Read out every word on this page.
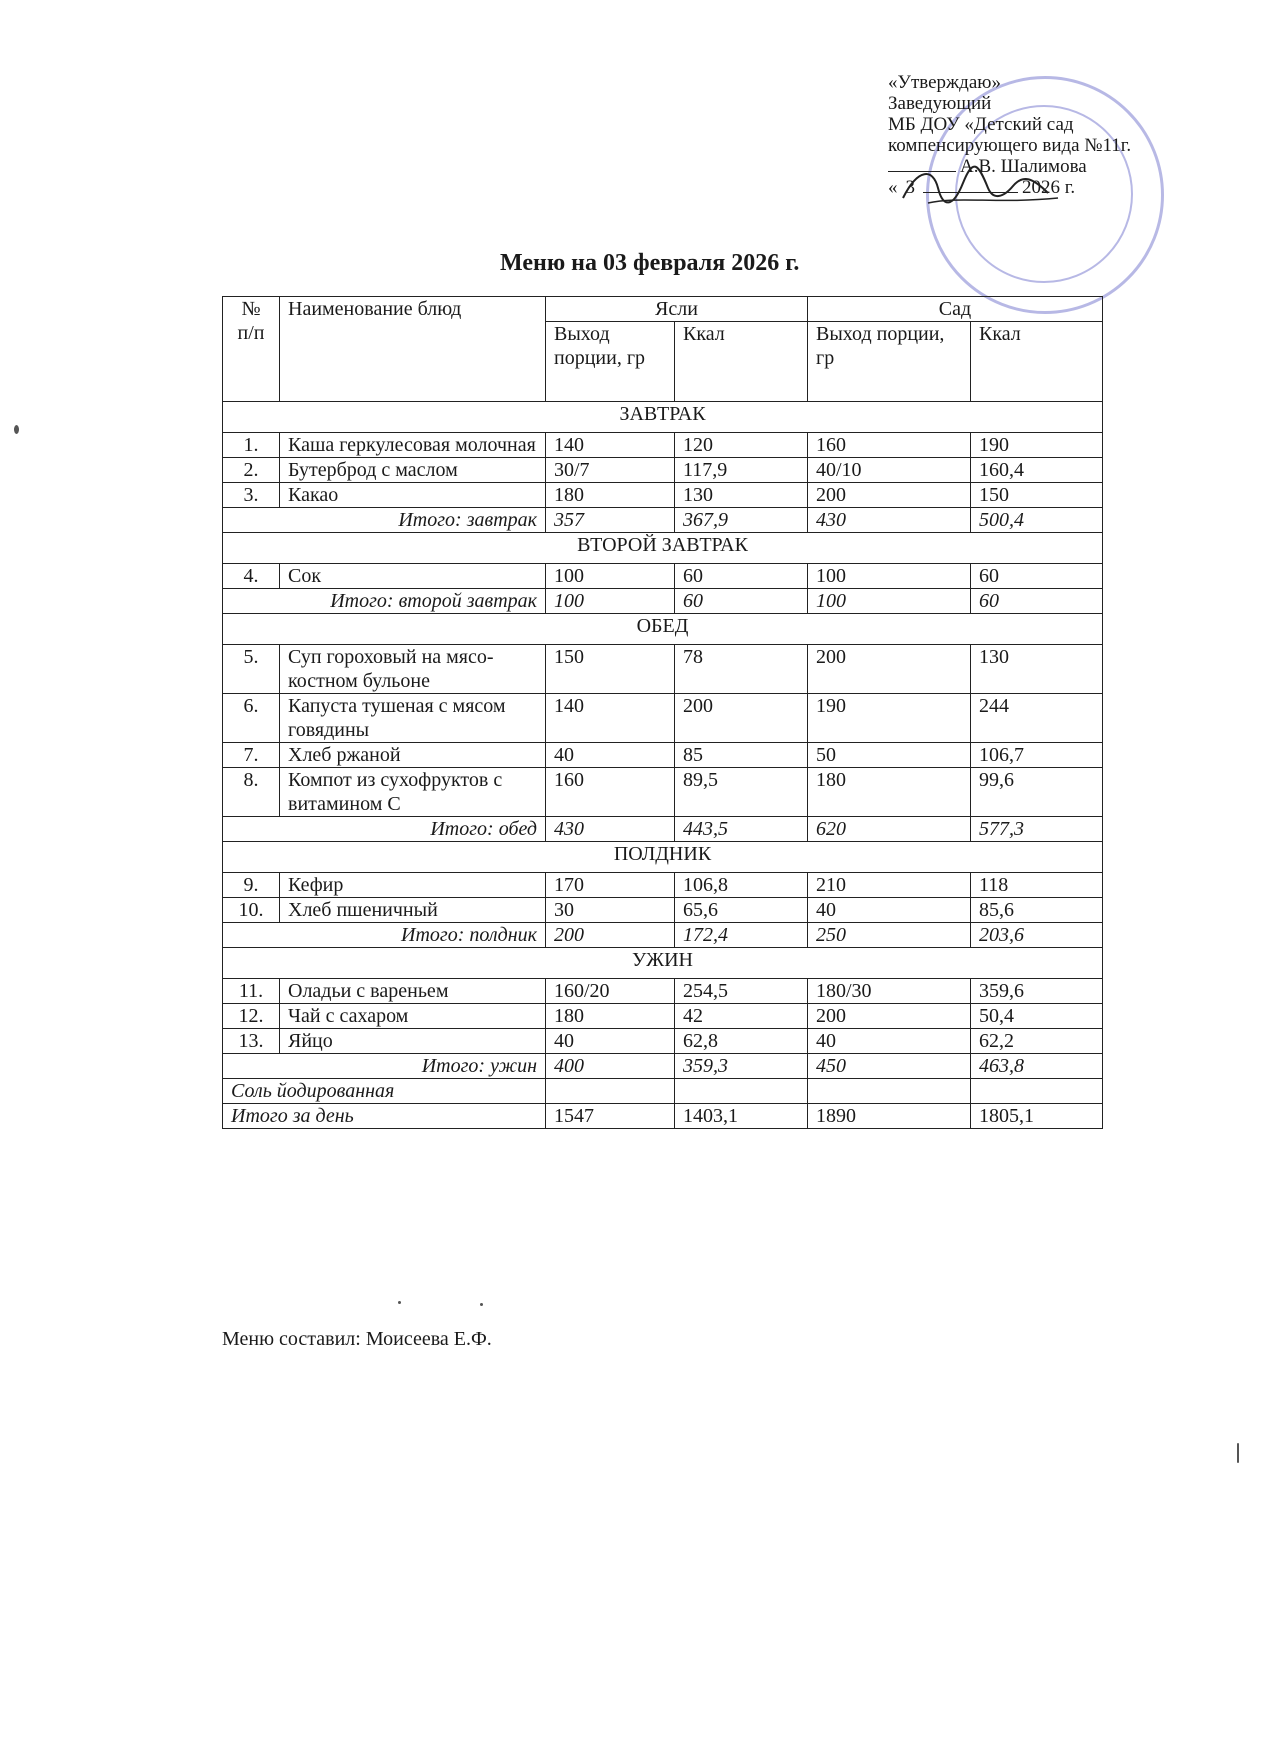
«Утверждаю»
Заведующий
МБ ДОУ «Детский сад
компенсирующего вида №11г.
А.В. Шалимова
« 3	2026 г.
Меню на 03 февраля 2026 г.
№ п/п	Наименование блюд	Ясли		Сад	
		Выход порции, гр	Ккал	Выход порции, гр	Ккал
ЗАВТРАК					
1.	Каша геркулесовая молочная	140	120	160	190
2.	Бутерброд с маслом	30/7	117,9	40/10	160,4
3.	Какао	180	130	200	150
Итого: завтрак		357	367,9	430	500,4
ВТОРОЙ ЗАВТРАК					
4.	Сок	100	60	100	60
Итого: второй завтрак		100	60	100	60
ОБЕД					
5.	Суп гороховый на мясо-костном бульоне	150	78	200	130
6.	Капуста тушеная с мясом говядины	140	200	190	244
7.	Хлеб ржаной	40	85	50	106,7
8.	Компот из сухофруктов с витамином С	160	89,5	180	99,6
Итого: обед		430	443,5	620	577,3
ПОЛДНИК					
9.	Кефир	170	106,8	210	118
10.	Хлеб пшеничный	30	65,6	40	85,6
Итого: полдник		200	172,4	250	203,6
УЖИН					
11.	Оладьи с вареньем	160/20	254,5	180/30	359,6
12.	Чай с сахаром	180	42	200	50,4
13.	Яйцо	40	62,8	40	62,2
Итого: ужин		400	359,3	450	463,8
Соль йодированная					
Итого за день		1547	1403,1	1890	1805,1
Меню составил: Моисеева Е.Ф.
